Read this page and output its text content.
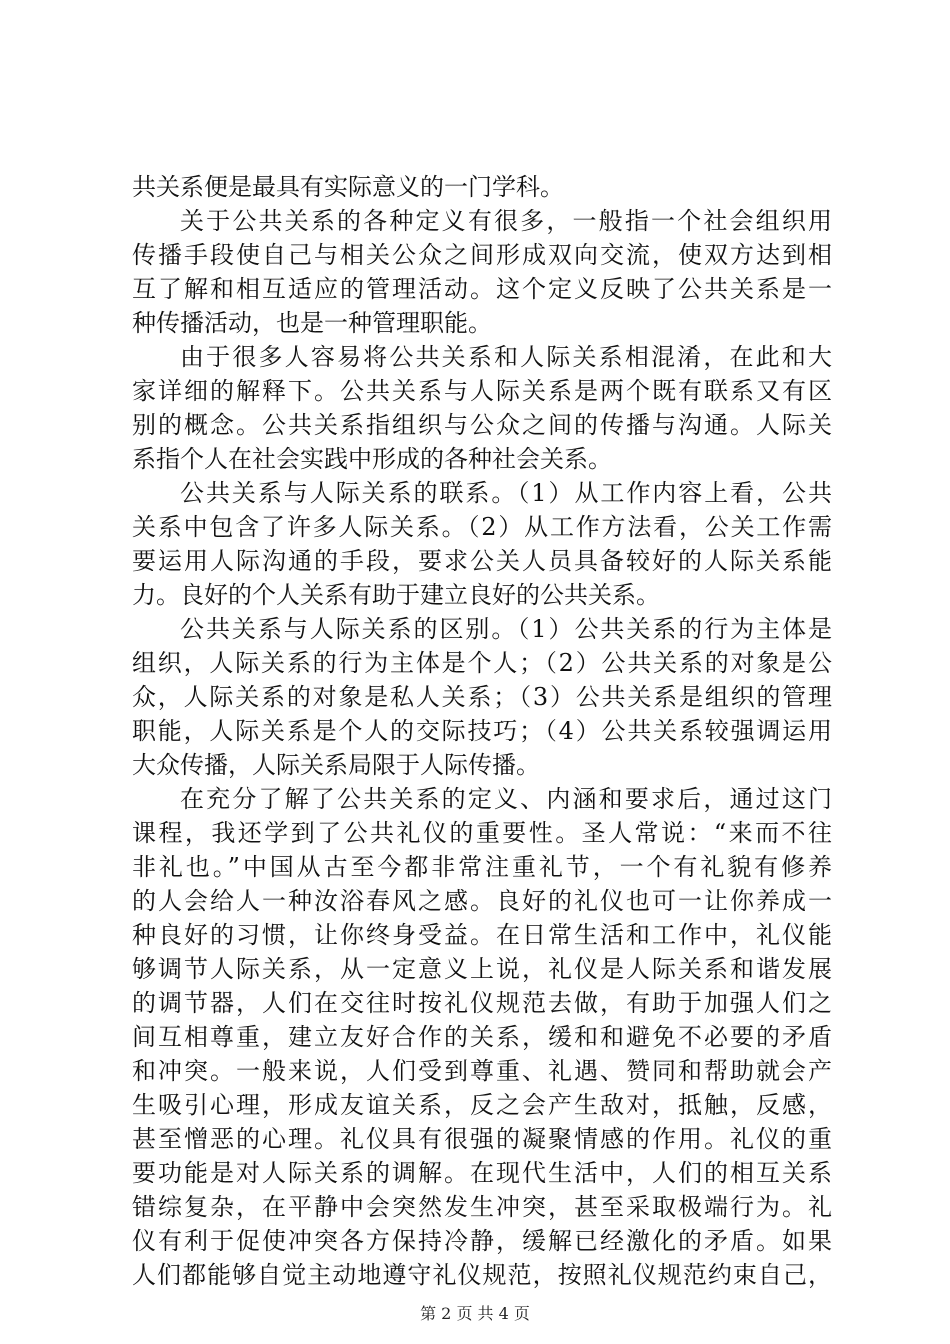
共关系便是最具有实际意义的一门学科。
关于公共关系的各种定义有很多，一般指一个社会组织用
传播手段使自己与相关公众之间形成双向交流，使双方达到相
互了解和相互适应的管理活动。这个定义反映了公共关系是一
种传播活动，也是一种管理职能。
由于很多人容易将公共关系和人际关系相混淆，在此和大
家详细的解释下。公共关系与人际关系是两个既有联系又有区
别的概念。公共关系指组织与公众之间的传播与沟通。人际关
系指个人在社会实践中形成的各种社会关系。
公共关系与人际关系的联系。（1）从工作内容上看，公共
关系中包含了许多人际关系。（2）从工作方法看，公关工作需
要运用人际沟通的手段，要求公关人员具备较好的人际关系能
力。良好的个人关系有助于建立良好的公共关系。
公共关系与人际关系的区别。（1）公共关系的行为主体是
组织，人际关系的行为主体是个人；（2）公共关系的对象是公
众，人际关系的对象是私人关系；（3）公共关系是组织的管理
职能，人际关系是个人的交际技巧；（4）公共关系较强调运用
大众传播，人际关系局限于人际传播。
在充分了解了公共关系的定义、内涵和要求后，通过这门
课程，我还学到了公共礼仪的重要性。圣人常说：“来而不往
非礼也。”中国从古至今都非常注重礼节，一个有礼貌有修养
的人会给人一种汝浴春风之感。良好的礼仪也可一让你养成一
种良好的习惯，让你终身受益。在日常生活和工作中，礼仪能
够调节人际关系，从一定意义上说，礼仪是人际关系和谐发展
的调节器，人们在交往时按礼仪规范去做，有助于加强人们之
间互相尊重，建立友好合作的关系，缓和和避免不必要的矛盾
和冲突。一般来说，人们受到尊重、礼遇、赞同和帮助就会产
生吸引心理，形成友谊关系，反之会产生敌对，抵触，反感，
甚至憎恶的心理。礼仪具有很强的凝聚情感的作用。礼仪的重
要功能是对人际关系的调解。在现代生活中，人们的相互关系
错综复杂，在平静中会突然发生冲突，甚至采取极端行为。礼
仪有利于促使冲突各方保持冷静，缓解已经激化的矛盾。如果
人们都能够自觉主动地遵守礼仪规范，按照礼仪规范约束自己，
第 2 页 共 4 页
